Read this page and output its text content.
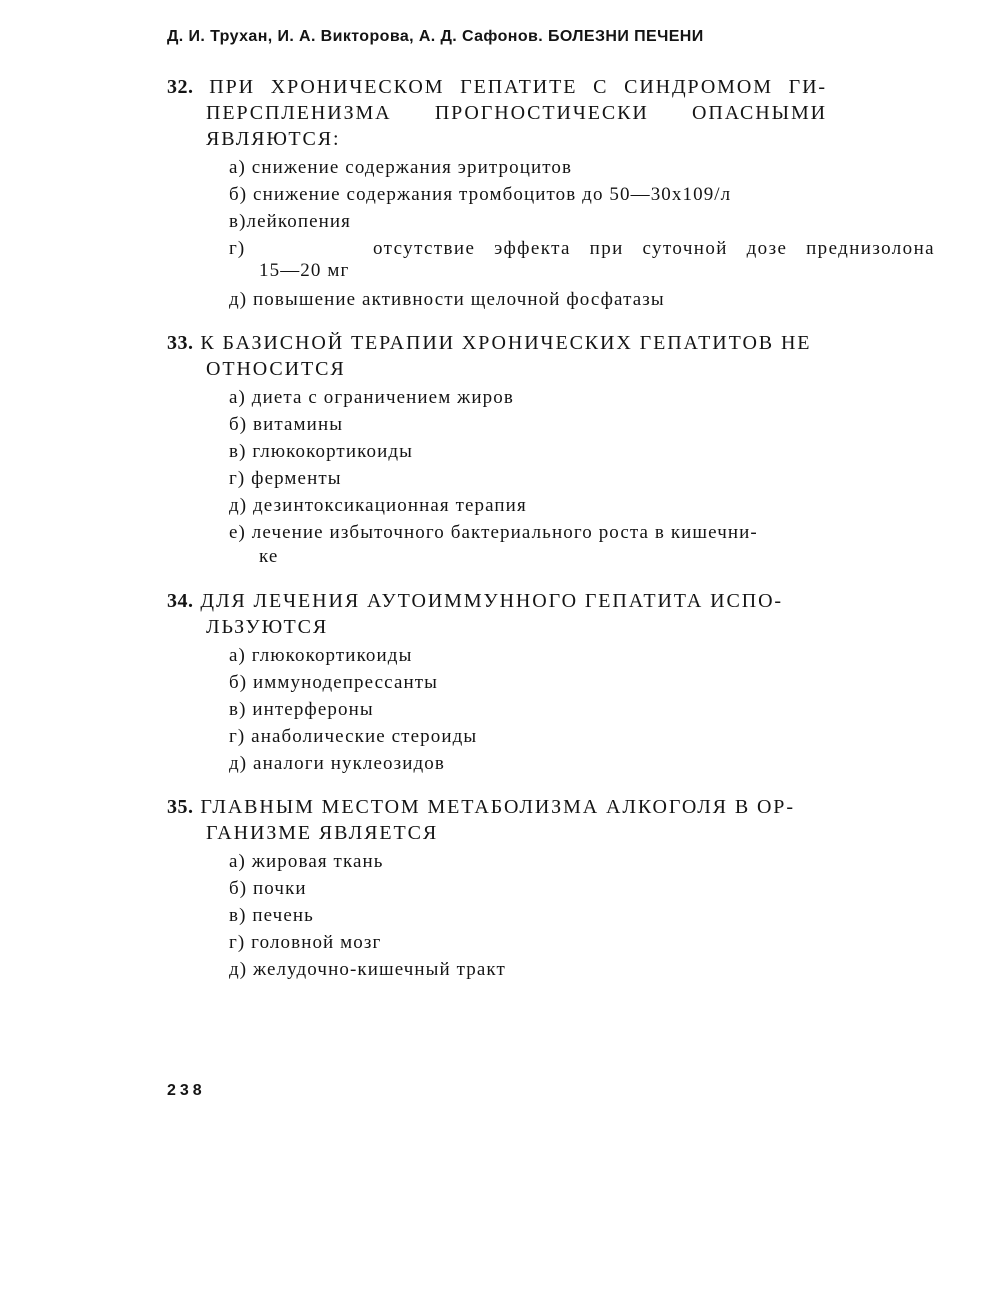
Д. И. Трухан, И. А. Викторова, А. Д. Сафонов. БОЛЕЗНИ ПЕЧЕНИ
32. ПРИ ХРОНИЧЕСКОМ ГЕПАТИТЕ С СИНДРОМОМ ГИ-ПЕРСПЛЕНИЗМА ПРОГНОСТИЧЕСКИ ОПАСНЫМИ ЯВЛЯЮТСЯ:
а) снижение содержания эритроцитов
б) снижение содержания тромбоцитов до 50—30х109/л
в)лейкопения
г)	отсутствие эффекта при суточной дозе преднизолона
15—20 мг
д) повышение активности щелочной фосфатазы
33. К БАЗИСНОЙ ТЕРАПИИ ХРОНИЧЕСКИХ ГЕПАТИТОВ НЕ ОТНОСИТСЯ
а) диета с ограничением жиров
б) витамины
в) глюкокортикоиды
г) ферменты
д) дезинтоксикационная терапия
е) лечение избыточного бактериального роста в кишечни-
ке
34. ДЛЯ ЛЕЧЕНИЯ АУТОИММУННОГО ГЕПАТИТА ИСПО-ЛЬЗУЮТСЯ
а) глюкокортикоиды
б) иммунодепрессанты
в) интерфероны
г) анаболические стероиды
д) аналоги нуклеозидов
35. ГЛАВНЫМ МЕСТОМ МЕТАБОЛИЗМА АЛКОГОЛЯ В ОР-ГАНИЗМЕ ЯВЛЯЕТСЯ
а) жировая ткань
б) почки
в) печень
г) головной мозг
д) желудочно-кишечный тракт
238
